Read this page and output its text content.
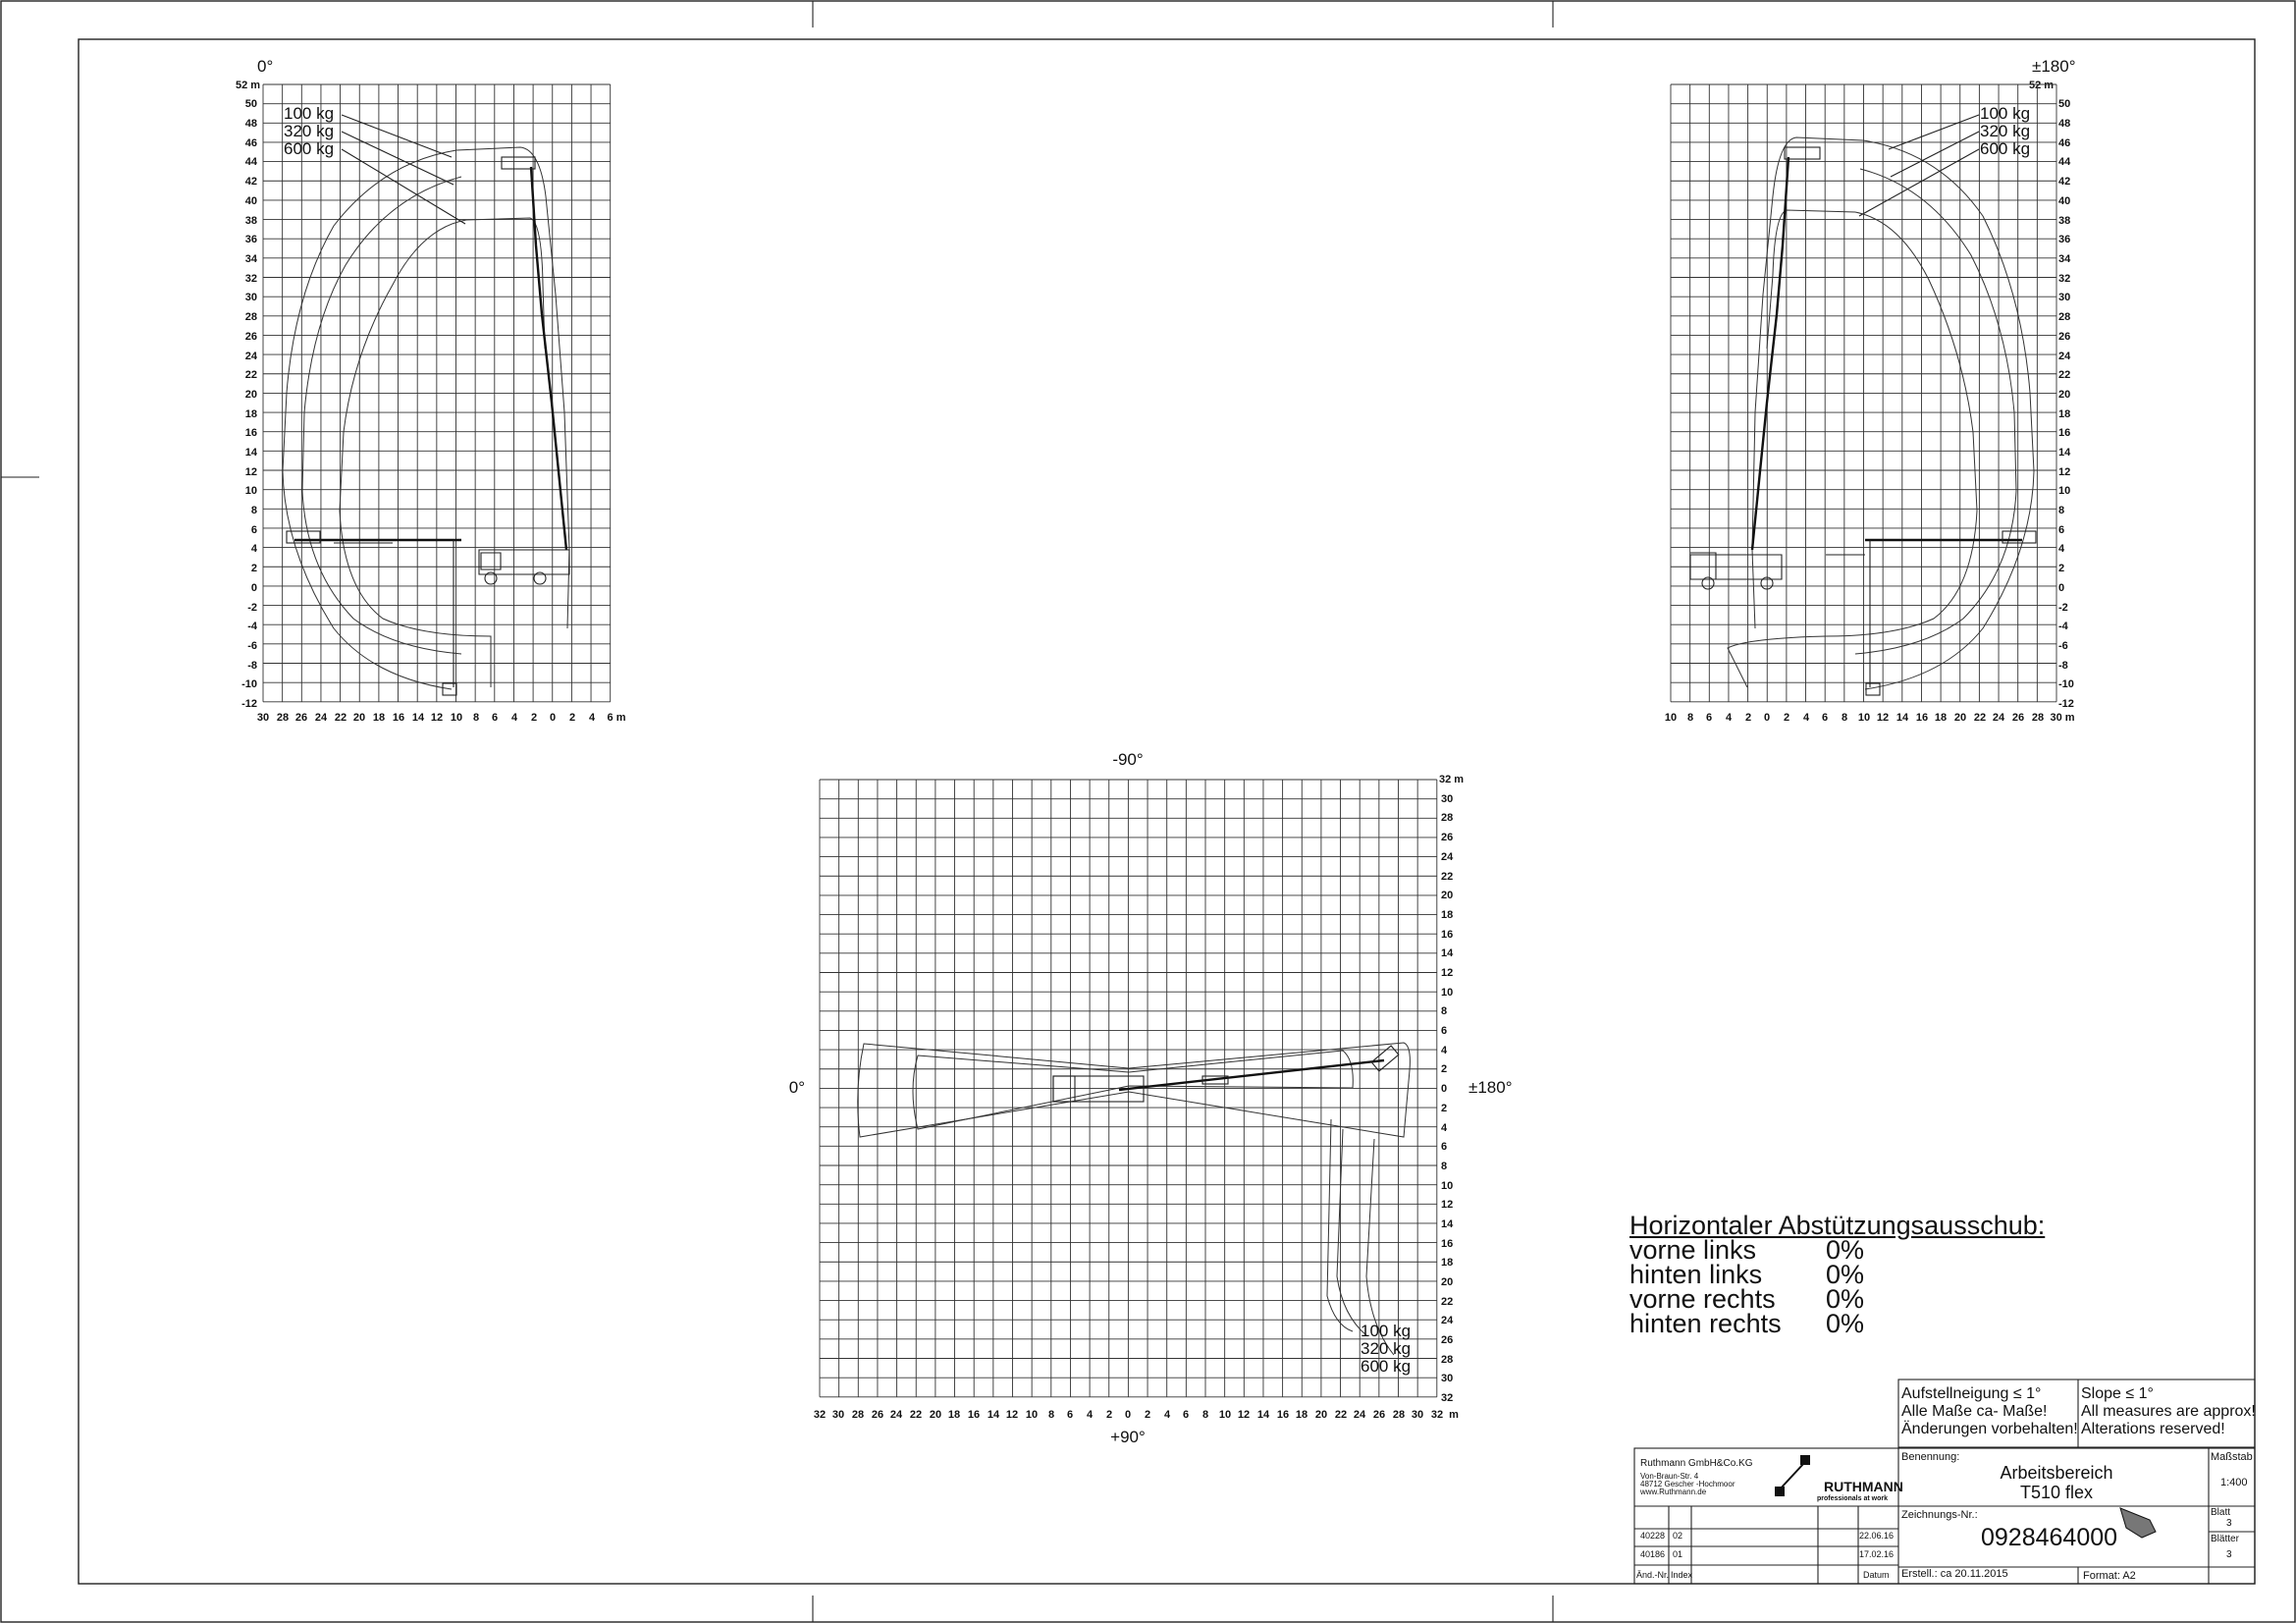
0°
52 m
50
48
46
44
42
40
38
36
34
32
30
28
26
24
22
20
18
16
14
12
10
8
6
4
2
0
-2
-4
-6
-8
-10
-12
30 28 26 24 22 20 18 16 14 12 10 8 6 4 2 0 2 4 6 m
100 kg
320 kg
600 kg
±180°
52 m
50
48
46
44
42
40
38
36
34
32
30
28
26
24
22
20
18
16
14
12
10
8
6
4
2
0
-2
-4
-6
-8
-10
-12
10 8 6 4 2 0 2 4 6 8 10 12 14 16 18 20 22 24 26 28 30 m
100 kg
320 kg
600 kg
-90°
+90°
0°	±180°
32 m
30
28
26
24
22
20
18
16
14
12
10
8
6
4
2
0
2
4
6
8
10
12
14
16
18
20
22
24
26
28
30
32
32 30 28 26 24 22 20 18 16 14 12 10 8 6 4 2 0 2 4 6 8 10 12 14 16 18 20 22 24 26 28 30 32 m
100 kg
320 kg
600 kg
Horizontaler Abstützungsausschub:
vorne links	0%
hinten links	0%
vorne rechts	0%
hinten rechts	0%
Aufstellneigung ≤ 1°
Alle Maße ca- Maße!
Änderungen vorbehalten!
Slope ≤ 1°
All measures are approx!
Alterations reserved!
Ruthmann GmbH&Co.KG
Von-Braun-Str. 4
48712 Gescher -Hochmoor
www.Ruthmann.de	RUTHMANN
professionals at work
Benennung:
Arbeitsbereich
T510 flex
Maßstab
1:400
Zeichnungs-Nr.:
0928464000
Blatt
3
Blätter
3
Erstell.: ca 20.11.2015	Format: A2
40228 02	22.06.16
40186 01	17.02.16
Änd.-Nr. Index	Datum
